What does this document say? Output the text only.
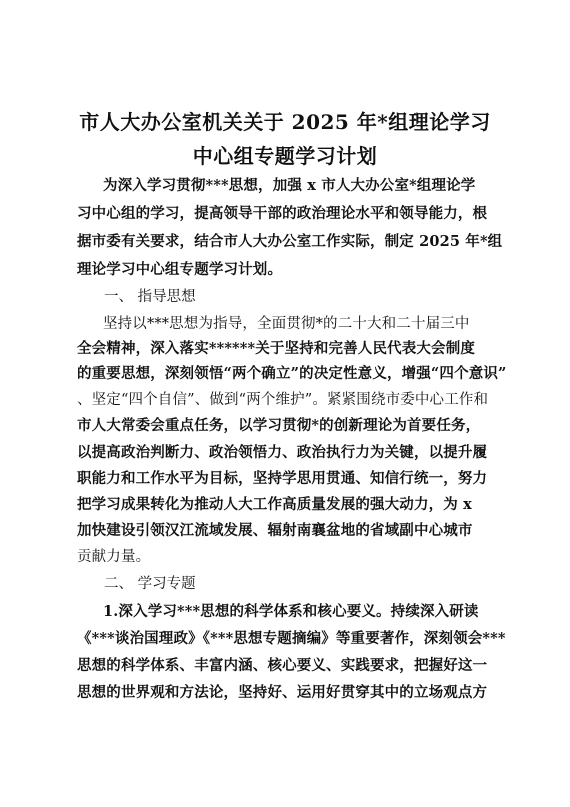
市人大办公室机关关于 2025 年*组理论学习
中心组专题学习计划
为深入学习贯彻***思想，加强 x 市人大办公室*组理论学
习中心组的学习，提高领导干部的政治理论水平和领导能力，根
据市委有关要求，结合市人大办公室工作实际，制定 2025 年*组
理论学习中心组专题学习计划。
一、 指导思想
坚持以***思想为指导，全面贯彻*的二十大和二十届三中
全会精神，深入落实******关于坚持和完善人民代表大会制度
的重要思想，深刻领悟“两个确立”的决定性意义，增强“四个意识”
、坚定“四个自信”、做到“两个维护”。紧紧围绕市委中心工作和
市人大常委会重点任务，以学习贯彻*的创新理论为首要任务，
以提高政治判断力、政治领悟力、政治执行力为关键，以提升履
职能力和工作水平为目标，坚持学思用贯通、知信行统一，努力
把学习成果转化为推动人大工作高质量发展的强大动力，为 x
加快建设引领汉江流域发展、辐射南襄盆地的省域副中心城市
贡献力量。
二、 学习专题
1.深入学习***思想的科学体系和核心要义。持续深入研读
《***谈治国理政》《***思想专题摘编》等重要著作，深刻领会***
思想的科学体系、丰富内涵、核心要义、实践要求，把握好这一
思想的世界观和方法论，坚持好、运用好贯穿其中的立场观点方
